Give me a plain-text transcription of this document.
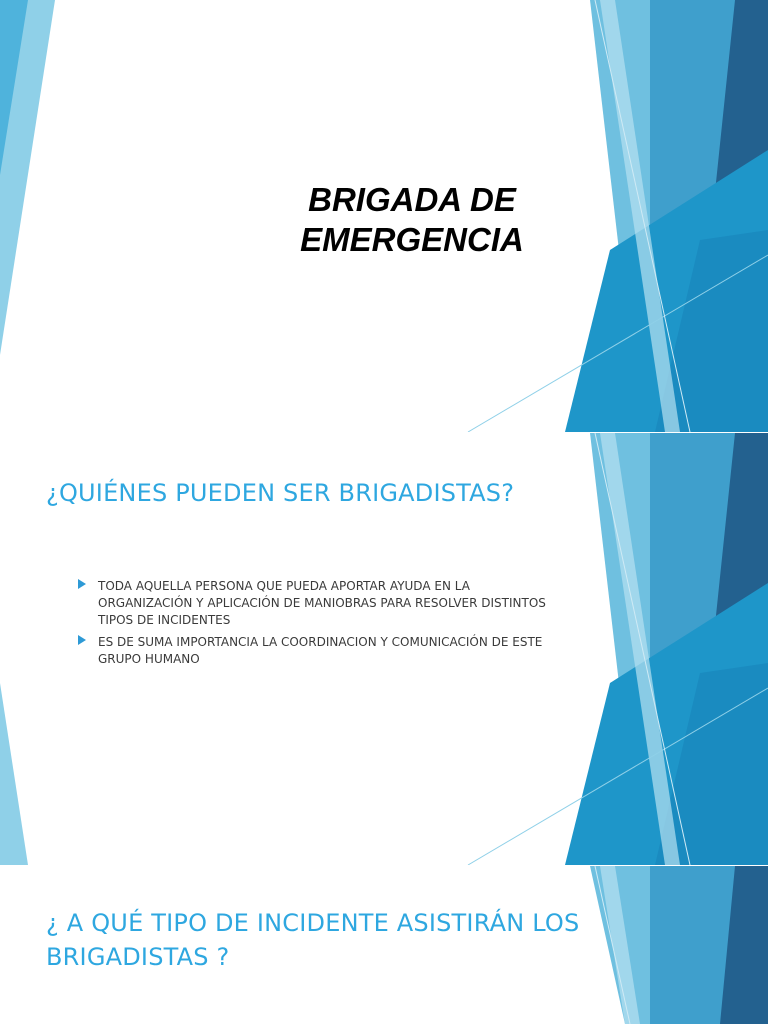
BRIGADA DE
EMERGENCIA
¿QUIÉNES PUEDEN SER BRIGADISTAS?
TODA AQUELLA PERSONA QUE PUEDA APORTAR AYUDA EN LA ORGANIZACIÓN Y APLICACIÓN DE MANIOBRAS PARA RESOLVER DISTINTOS TIPOS DE INCIDENTES
ES DE SUMA IMPORTANCIA LA COORDINACION Y COMUNICACIÓN DE ESTE GRUPO HUMANO
¿ A QUÉ TIPO DE INCIDENTE ASISTIRÁN LOS BRIGADISTAS ?
